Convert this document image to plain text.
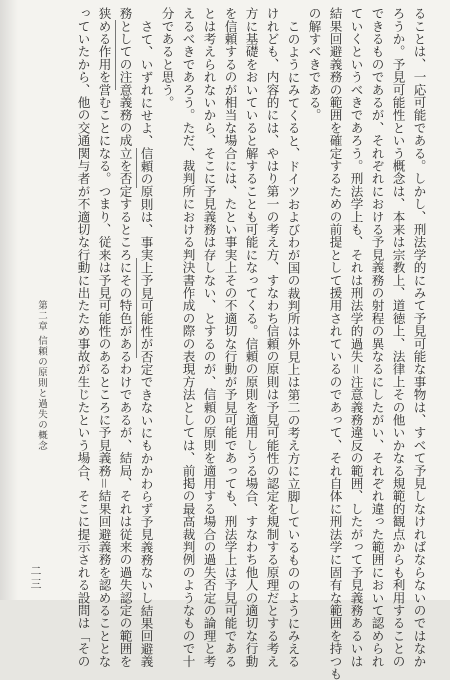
第二章 信頼の原則と過失の概念	ることは、一応可能である。しかし、刑法学的にみて予見可能な事物は、すべて予見しなければならないのではなか
ろうか。予見可能性という概念は、本来は宗教上、道徳上、法律上その他いかなる規範的観点からも利用することの
できるものであるが、それぞれにおける予見義務の射程の異なるにしたがい、それぞれ違った範囲において認められ
ていくというべきであろう。刑法学上も、それは刑法学的過失＝注意義務違反の範囲、したがって予見義務あるいは
結果回避義務の範囲を確定するための前提として援用されているのであって、それ自体に刑法学に固有な範囲を持つも
の解すべきである。
このようにみてくると、ドイツおよびわが国の裁判所は外見上は第二の考え方に立脚しているもののようにみえる
けれども、内容的には、やはり第一の考え方、すなわち信頼の原則は予見可能性の認定を規制する原理だとする考え
方に基礎をおいていると解することも可能になってくる。信頼の原則を適用しうる場合、すなわち他人の適切な行動
を信頼するのが相当な場合には、たとい事実上その不適切な行動が予見可能であっても、刑法学上は予見可能である
とは考えられないから、そこに予見義務は存しない、とするのが、信頼の原則を適用する場合の過失否定の論理と考
えるべきであろう。ただ、裁判所における判決書作成の際の表現方法としては、前掲の最高裁判例のようなもので十
分であると思う。
さて、いずれにせよ、信頼の原則は、事実上予見可能性が否定できないにもかかわらず予見義務ないし結果回避義
務としての注意義務の成立を否定するところにその特色があるわけであるが、結局、それは従来の過失認定の範囲を
狭める作用を営むことになる。つまり、従来は予見可能性のあるところに予見義務＝結果回避義務を認めることとな
っていたから、他の交通関与者が不適切な行動に出たため事故が生じたという場合、そこに提示される設問は「その
二三
